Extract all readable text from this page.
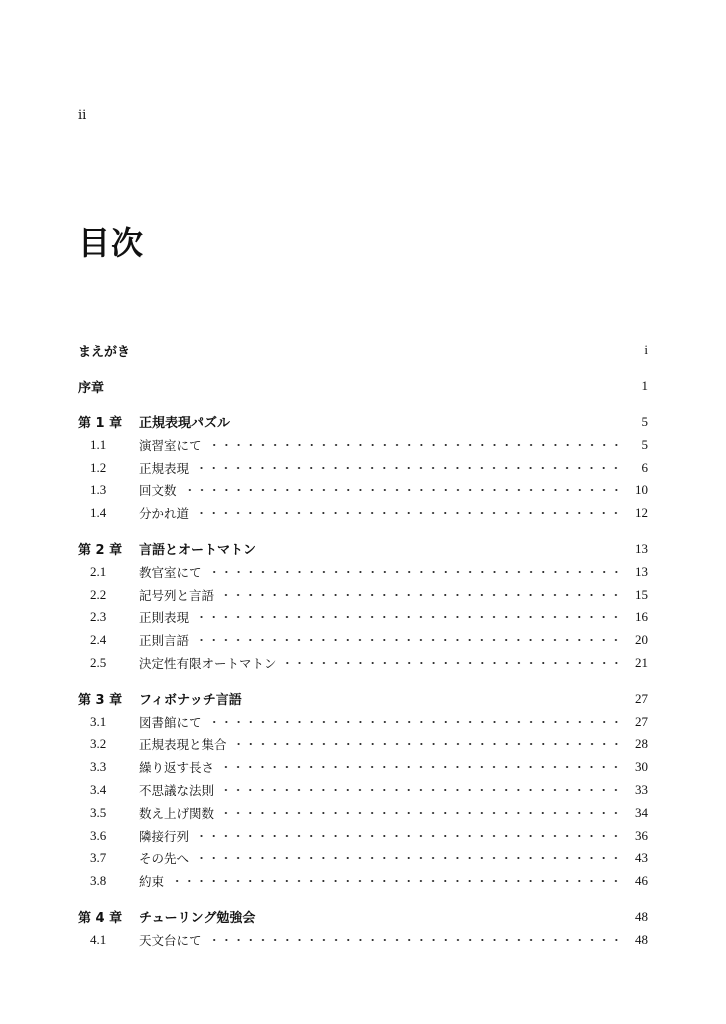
ii
目次
まえがき	i
序章	1
第 1 章	正規表現パズル	5
1.1	演習室にて	5
1.2	正規表現	6
1.3	回文数	10
1.4	分かれ道	12
第 2 章	言語とオートマトン	13
2.1	教官室にて	13
2.2	記号列と言語	15
2.3	正則表現	16
2.4	正則言語	20
2.5	決定性有限オートマトン	21
第 3 章	フィボナッチ言語	27
3.1	図書館にて	27
3.2	正規表現と集合	28
3.3	繰り返す長さ	30
3.4	不思議な法則	33
3.5	数え上げ関数	34
3.6	隣接行列	36
3.7	その先へ	43
3.8	約束	46
第 4 章	チューリング勉強会	48
4.1	天文台にて	48
